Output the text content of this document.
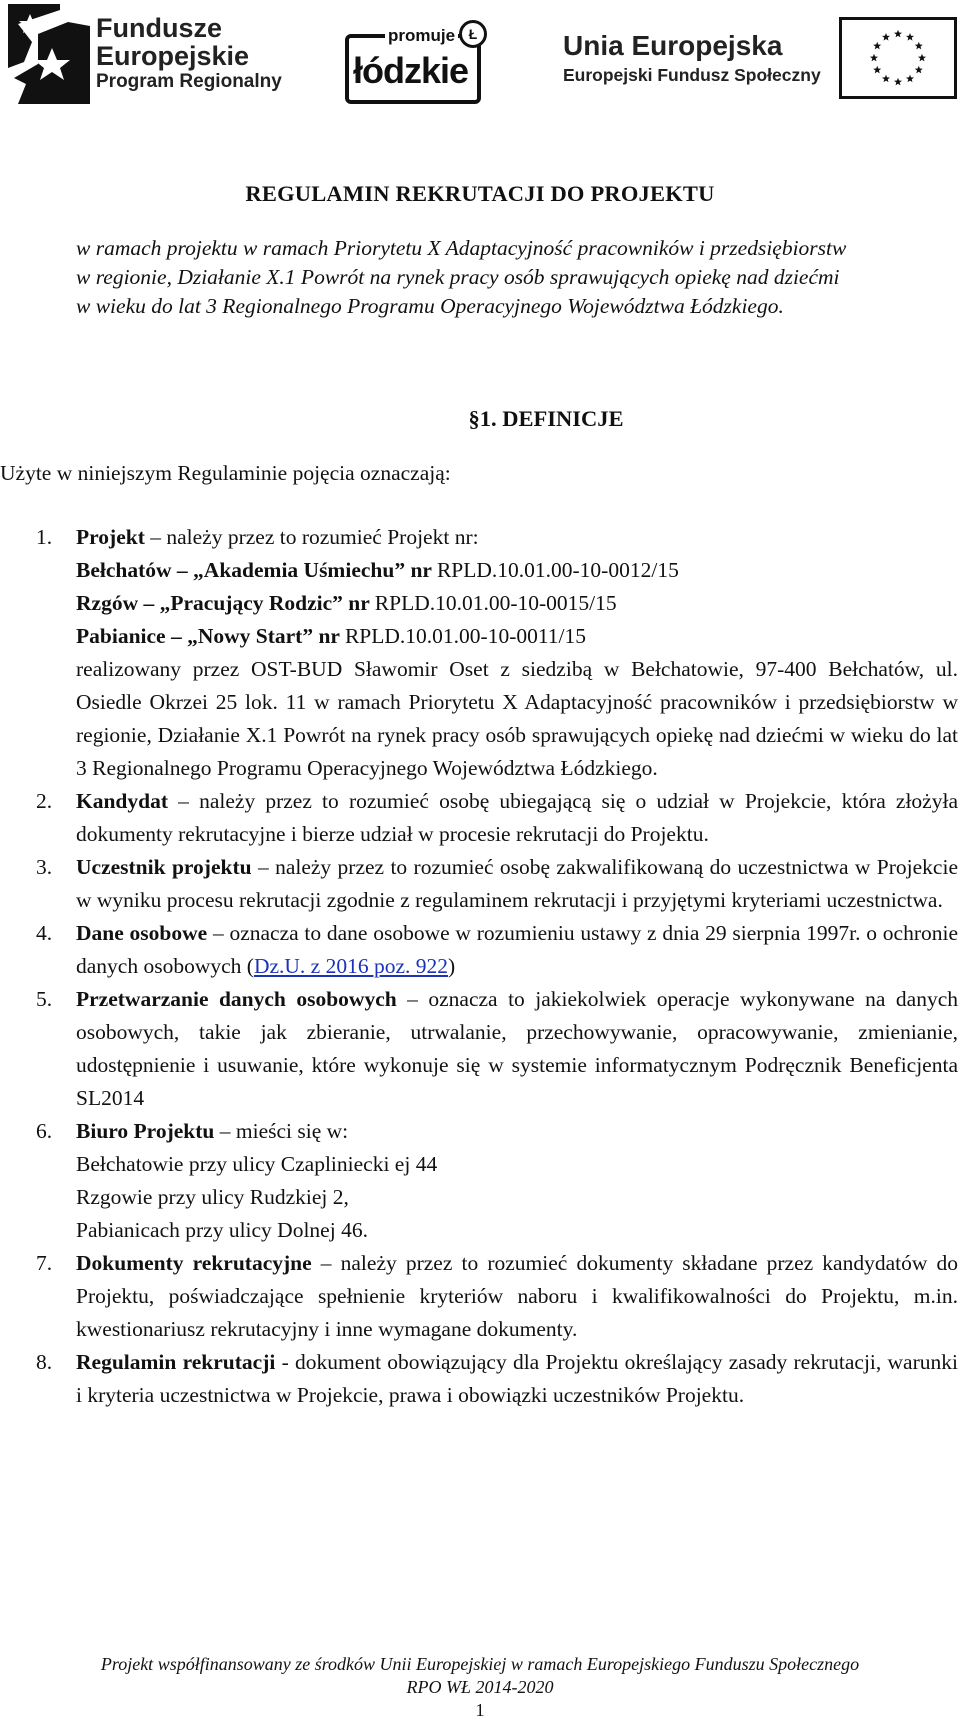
Fundusze
Europejskie
Program Regionalny
promuje
łódzkie
Ł	Unia Europejska
Europejski Fundusz Społeczny
REGULAMIN REKRUTACJI DO PROJEKTU
w ramach projektu w ramach Priorytetu X Adaptacyjność pracowników i przedsiębiorstw
w regionie, Działanie X.1 Powrót na rynek pracy osób sprawujących opiekę nad dziećmi
w wieku do lat 3 Regionalnego Programu Operacyjnego Województwa Łódzkiego.
§1. DEFINICJE
Użyte w niniejszym Regulaminie pojęcia oznaczają:
1. Projekt – należy przez to rozumieć Projekt nr:
Bełchatów – „Akademia Uśmiechu” nr RPLD.10.01.00-10-0012/15
Rzgów – „Pracujący Rodzic” nr RPLD.10.01.00-10-0015/15
Pabianice – „Nowy Start” nr RPLD.10.01.00-10-0011/15
realizowany przez OST-BUD Sławomir Oset z siedzibą w Bełchatowie, 97-400 Bełchatów, ul. Osiedle Okrzei 25 lok. 11 w ramach Priorytetu X Adaptacyjność pracowników i przedsiębiorstw w regionie, Działanie X.1 Powrót na rynek pracy osób sprawujących opiekę nad dziećmi w wieku do lat 3 Regionalnego Programu Operacyjnego Województwa Łódzkiego.
2. Kandydat – należy przez to rozumieć osobę ubiegającą się o udział w Projekcie, która złożyła dokumenty rekrutacyjne i bierze udział w procesie rekrutacji do Projektu.
3. Uczestnik projektu – należy przez to rozumieć osobę zakwalifikowaną do uczestnictwa w Projekcie w wyniku procesu rekrutacji zgodnie z regulaminem rekrutacji i przyjętymi kryteriami uczestnictwa.
4. Dane osobowe – oznacza to dane osobowe w rozumieniu ustawy z dnia 29 sierpnia 1997r. o ochronie danych osobowych (Dz.U. z 2016 poz. 922)
5. Przetwarzanie danych osobowych – oznacza to jakiekolwiek operacje wykonywane na danych osobowych, takie jak zbieranie, utrwalanie, przechowywanie, opracowywanie, zmienianie, udostępnienie i usuwanie, które wykonuje się w systemie informatycznym Podręcznik Beneficjenta SL2014
6. Biuro Projektu – mieści się w:
Bełchatowie przy ulicy Czapliniecki ej 44
Rzgowie przy ulicy Rudzkiej 2,
Pabianicach przy ulicy Dolnej 46.
7. Dokumenty rekrutacyjne – należy przez to rozumieć dokumenty składane przez kandydatów do Projektu, poświadczające spełnienie kryteriów naboru i kwalifikowalności do Projektu, m.in. kwestionariusz rekrutacyjny i inne wymagane dokumenty.
8. Regulamin rekrutacji - dokument obowiązujący dla Projektu określający zasady rekrutacji, warunki i kryteria uczestnictwa w Projekcie, prawa i obowiązki uczestników Projektu.
Projekt współfinansowany ze środków Unii Europejskiej w ramach Europejskiego Funduszu Społecznego
RPO WŁ 2014-2020
1
